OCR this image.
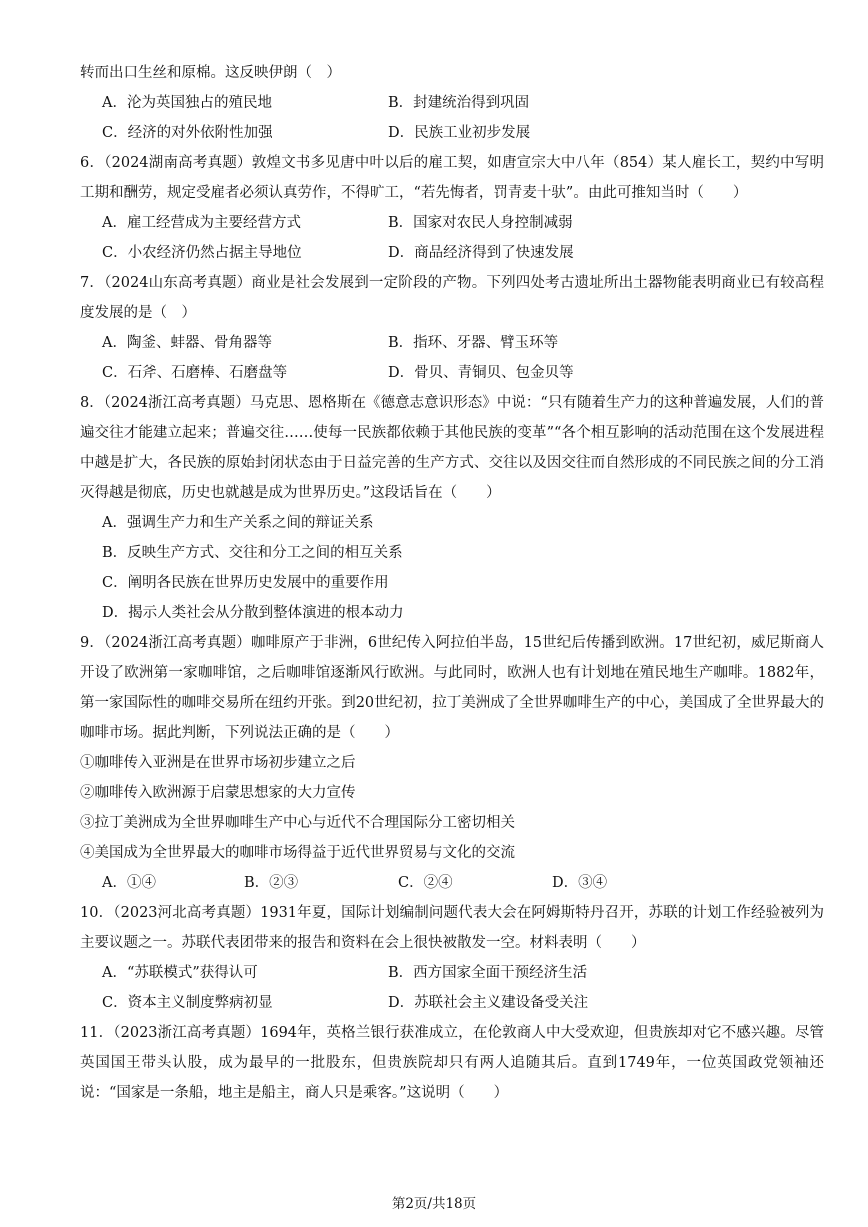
转而出口生丝和原棉。这反映伊朗（　）
A．沦为英国独占的殖民地	B．封建统治得到巩固
C．经济的对外依附性加强	D．民族工业初步发展
6．（2024湖南高考真题）敦煌文书多见唐中叶以后的雇工契，如唐宣宗大中八年（854）某人雇长工，契约中写明工期和酬劳，规定受雇者必须认真劳作，不得旷工，“若先悔者，罚青麦十驮”。由此可推知当时（　　）
A．雇工经营成为主要经营方式	B．国家对农民人身控制减弱
C．小农经济仍然占据主导地位	D．商品经济得到了快速发展
7．（2024山东高考真题）商业是社会发展到一定阶段的产物。下列四处考古遗址所出土器物能表明商业已有较高程度发展的是（　）
A．陶釜、蚌器、骨角器等	B．指环、牙器、臂玉环等
C．石斧、石磨棒、石磨盘等	D．骨贝、青铜贝、包金贝等
8．（2024浙江高考真题）马克思、恩格斯在《德意志意识形态》中说：“只有随着生产力的这种普遍发展，人们的普遍交往才能建立起来；普遍交往……使每一民族都依赖于其他民族的变革”“各个相互影响的活动范围在这个发展进程中越是扩大，各民族的原始封闭状态由于日益完善的生产方式、交往以及因交往而自然形成的不同民族之间的分工消灭得越是彻底，历史也就越是成为世界历史。”这段话旨在（　　）
A．强调生产力和生产关系之间的辩证关系
B．反映生产方式、交往和分工之间的相互关系
C．阐明各民族在世界历史发展中的重要作用
D．揭示人类社会从分散到整体演进的根本动力
9．（2024浙江高考真题）咖啡原产于非洲，6世纪传入阿拉伯半岛，15世纪后传播到欧洲。17世纪初，威尼斯商人开设了欧洲第一家咖啡馆，之后咖啡馆逐渐风行欧洲。与此同时，欧洲人也有计划地在殖民地生产咖啡。1882年，第一家国际性的咖啡交易所在纽约开张。到20世纪初，拉丁美洲成了全世界咖啡生产的中心，美国成了全世界最大的咖啡市场。据此判断，下列说法正确的是（　　）
①咖啡传入亚洲是在世界市场初步建立之后
②咖啡传入欧洲源于启蒙思想家的大力宣传
③拉丁美洲成为全世界咖啡生产中心与近代不合理国际分工密切相关
④美国成为全世界最大的咖啡市场得益于近代世界贸易与文化的交流
A．①④	B．②③	C．②④	D．③④
10．（2023河北高考真题）1931年夏，国际计划编制问题代表大会在阿姆斯特丹召开，苏联的计划工作经验被列为主要议题之一。苏联代表团带来的报告和资料在会上很快被散发一空。材料表明（　　）
A．“苏联模式”获得认可	B．西方国家全面干预经济生活
C．资本主义制度弊病初显	D．苏联社会主义建设备受关注
11．（2023浙江高考真题）1694年，英格兰银行获准成立，在伦敦商人中大受欢迎，但贵族却对它不感兴趣。尽管英国国王带头认股，成为最早的一批股东，但贵族院却只有两人追随其后。直到1749年，一位英国政党领袖还说：“国家是一条船，地主是船主，商人只是乘客。”这说明（　　）
第2页/共18页
